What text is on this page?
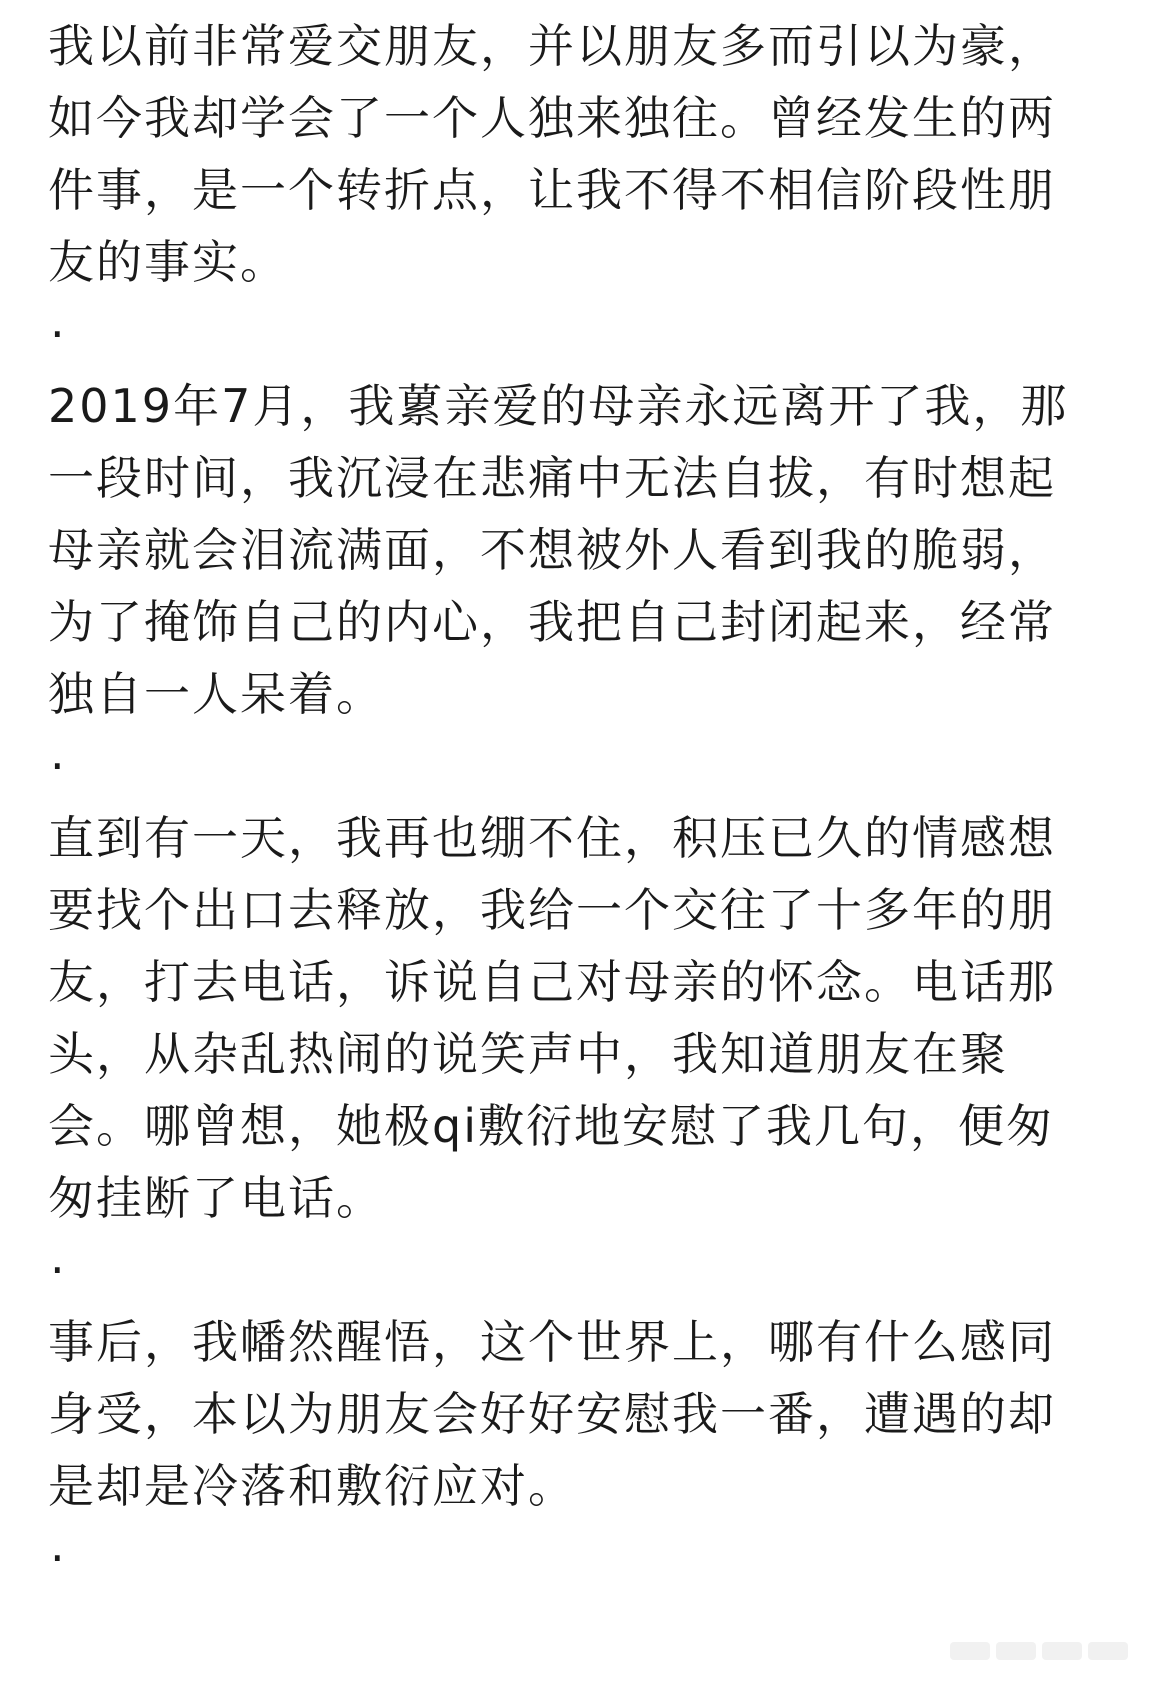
我以前非常爱交朋友，并以朋友多而引以为豪，如今我却学会了一个人独来独往。曾经发生的两件事，是一个转折点，让我不得不相信阶段性朋友的事实。

·

2019年7月，我蔂亲爱的母亲永远离开了我，那一段时间，我沉浸在悲痛中无法自拔，有时想起母亲就会泪流满面，不想被外人看到我的脆弱，为了掩饰自己的内心，我把自己封闭起来，经常独自一人呆着。

·

直到有一天，我再也绷不住，积压已久的情感想要找个出口去释放，我给一个交往了十多年的朋友，打去电话，诉说自己对母亲的怀念。电话那头，从杂乱热闹的说笑声中，我知道朋友在聚会。哪曾想，她极qi敷衍地安慰了我几句，便匆匆挂断了电话。

·

事后，我幡然醒悟，这个世界上，哪有什么感同身受，本以为朋友会好好安慰我一番，遭遇的却是却是冷落和敷衍应对。

·
